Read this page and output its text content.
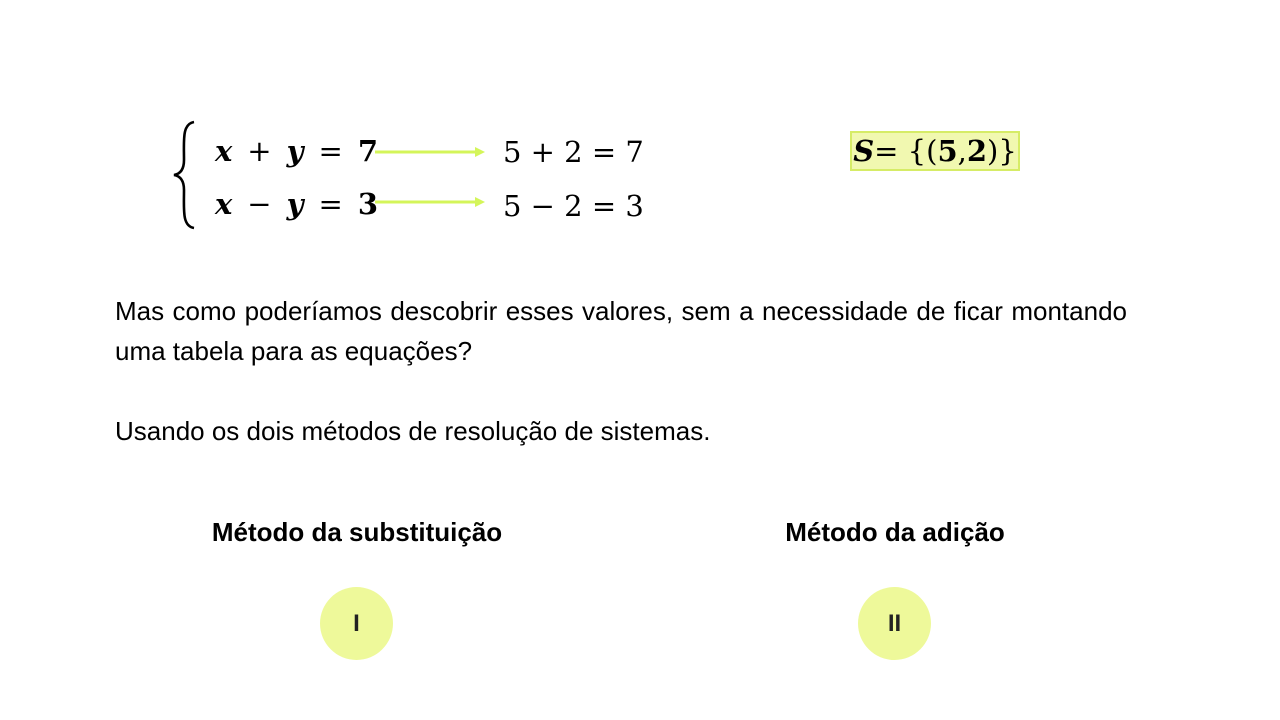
x  +  y  =  7
x  −  y  =  3
5 + 2 = 7
5 − 2 = 3
S = {( 5 , 2 )}

Mas como poderíamos descobrir esses valores, sem a necessidade de ficar montando uma tabela para as equações?

Usando os dois métodos de resolução de sistemas.

Método da substituição	Método da adição
I	II
